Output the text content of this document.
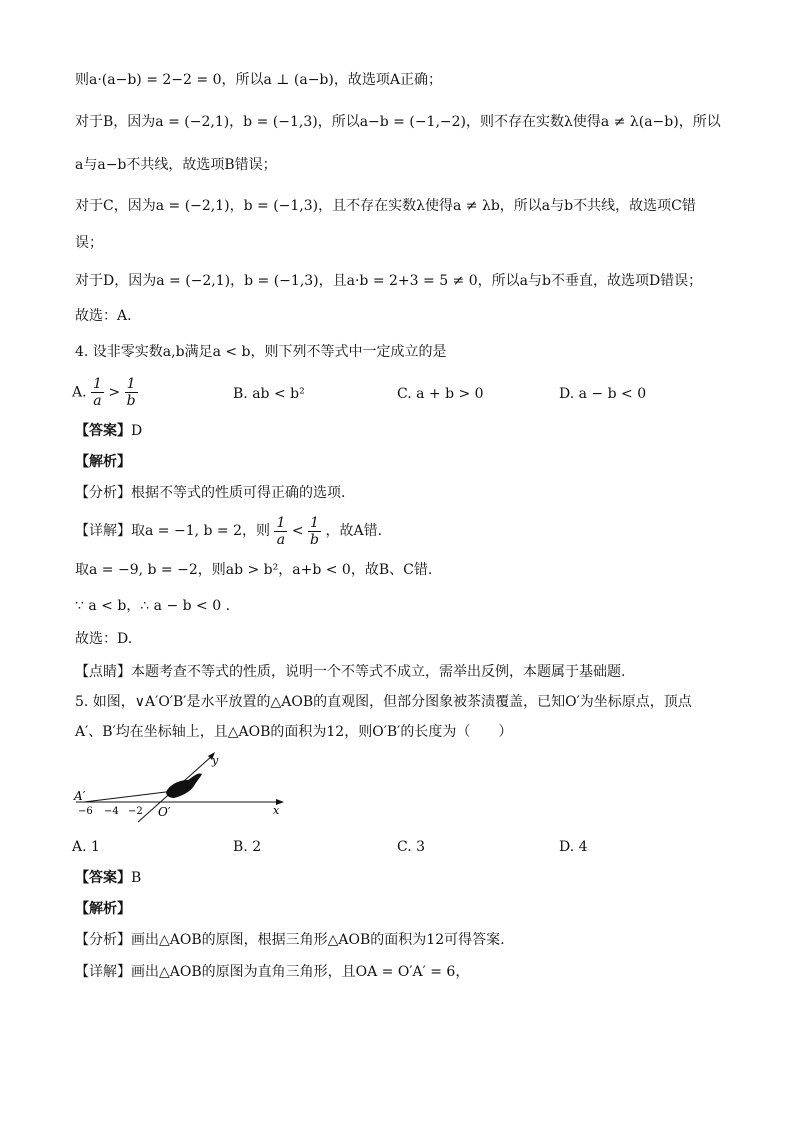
则a·(a−b) = 2−2 = 0，所以a ⊥ (a−b)，故选项A正确；
对于B，因为a = (−2,1)，b = (−1,3)，所以a−b = (−1,−2)，则不存在实数λ使得a ≠ λ(a−b)，所以
a与a−b不共线，故选项B错误；
对于C，因为a = (−2,1)，b = (−1,3)，且不存在实数λ使得a ≠ λb，所以a与b不共线，故选项C错
误；
对于D，因为a = (−2,1)，b = (−1,3)，且a·b = 2+3 = 5 ≠ 0，所以a与b不垂直，故选项D错误；
故选：A.
4. 设非零实数a,b满足a < b，则下列不等式中一定成立的是
A. $\frac{1}{a} > \frac{1}{b}$	B. ab < b²	C. a + b > 0	D. a − b < 0
【答案】D
【解析】
【分析】根据不等式的性质可得正确的选项.
【详解】取a = −1, b = 2，则 $\frac{1}{a} < \frac{1}{b}$ ，故A错.
取a = −9, b = −2，则ab > b²，a+b < 0，故B、C错.
∵ a < b，∴ a − b < 0 .
故选：D.
【点睛】本题考查不等式的性质，说明一个不等式不成立，需举出反例，本题属于基础题.
5. 如图，∨A′O′B′是水平放置的△AOB的直观图，但部分图象被茶渍覆盖，已知O′为坐标原点，顶点
A′、B′均在坐标轴上，且△AOB的面积为12，则O′B′的长度为（　　）
A′
O′
y
x
−6 −4 −2
A. 1	B. 2	C. 3	D. 4
【答案】B
【解析】
【分析】画出△AOB的原图，根据三角形△AOB的面积为12可得答案.
【详解】画出△AOB的原图为直角三角形，且OA = O′A′ = 6，
